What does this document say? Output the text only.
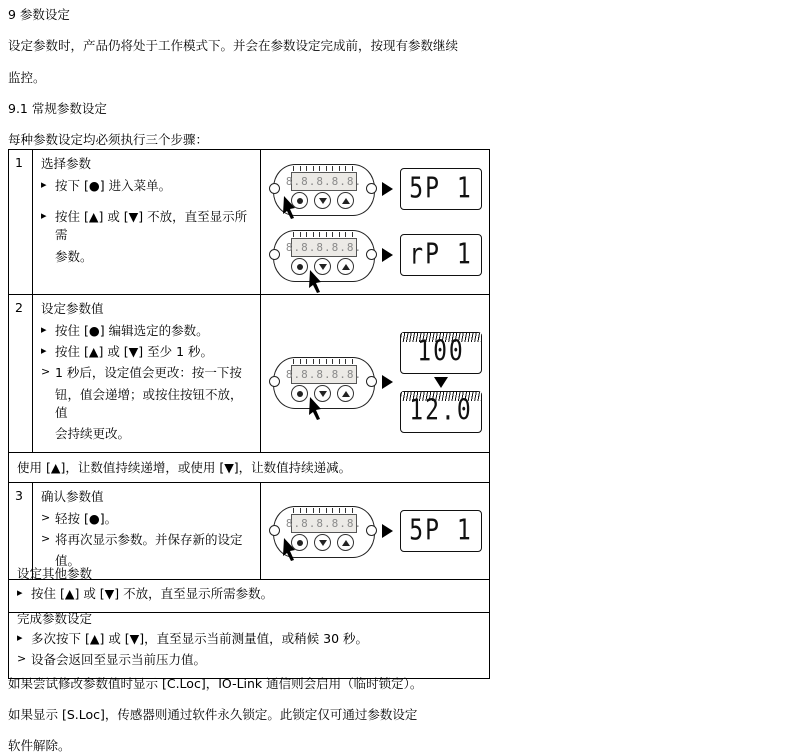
9 参数设定
设定参数时，产品仍将处于工作模式下。并会在参数设定完成前，按现有参数继续
监控。
9.1 常规参数设定
每种参数设定均必须执行三个步骤：
1	选择参数
▸ 按下 [●] 进入菜单。
▸ 按住 [▲] 或 [▼] 不放，直至显示所需
参数。
8.8.8.8.8. 5P 1
8.8.8.8.8. rP 1
2	设定参数值
▸ 按住 [●] 编辑选定的参数。
▸ 按住 [▲] 或 [▼] 至少 1 秒。
> 1 秒后，设定值会更改：按一下按
钮，值会递增；或按住按钮不放，值
会持续更改。
8.8.8.8.8.
100
12.0
使用 [▲]，让数值持续递增，或使用 [▼]，让数值持续递减。
3	确认参数值
> 轻按 [●]。
> 将再次显示参数。并保存新的设定
值。
8.8.8.8.8. 5P 1
设定其他参数
▸ 按住 [▲] 或 [▼] 不放，直至显示所需参数。
完成参数设定
▸ 多次按下 [▲] 或 [▼]，直至显示当前测量值，或稍候 30 秒。
> 设备会返回至显示当前压力值。
如果尝试修改参数值时显示 [C.Loc]，IO-Link 通信则会启用（临时锁定）。
如果显示 [S.Loc]，传感器则通过软件永久锁定。此锁定仅可通过参数设定
软件解除。
